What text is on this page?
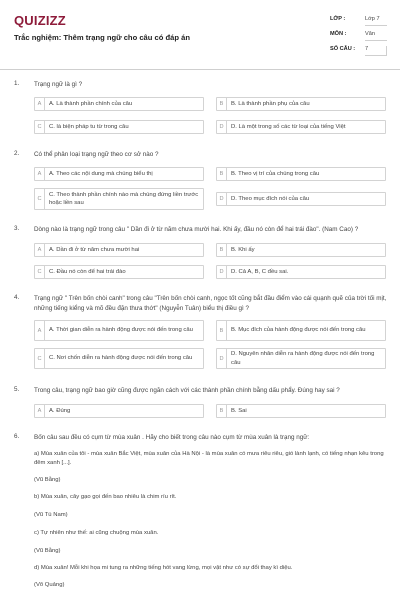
QUIZIZZ
Trắc nghiệm: Thêm trạng ngữ cho câu có đáp án
LỚP :	Lớp 7
MÔN :	Văn
SỐ CÂU : 7
1. Trạng ngữ là gì ?
A	A. Là thành phần chính của câu	B	B. Là thành phần phụ của câu
C	C. là biện pháp tu từ trong câu	D	D. Là một trong số các từ loại của tiếng Việt
2. Có thể phân loại trạng ngữ theo cơ sở nào ?
A	A. Theo các nội dung mà chúng biểu thị	B	B. Theo vị trí của chúng trong câu
C
C. Theo thành phần chính nào mà chúng đứng liền trước hoặc liền sau
D	D. Theo mục đích nói của câu
3. Dòng nào là trạng ngữ trong câu " Dần đi ở từ năm chưa mười hai. Khi ấy, đầu nó còn để hai trái đào". (Nam Cao) ?
A	A. Dần đi ở từ năm chưa mười hai	B	B. Khi ấy
C	C. Đầu nó còn để hai trái đào	D	D. Cả A, B, C đều sai.
4. Trạng ngữ " Trên bốn chòi canh" trong câu "Trên bốn chòi canh, ngọc tốt cũng bắt đầu điểm vào cái quạnh quẽ của trời tối mịt, những tiếng kiểng và mõ đều đặn thưa thớt" (Nguyễn Tuân) biểu thị điều gì ?
A	A. Thời gian diễn ra hành động được nói đến trong câu	B	B. Mục đích của hành động được nói đến trong câu
C	C. Nơi chốn diễn ra hành động được nói đến trong câu	D
D. Nguyên nhân diễn ra hành động được nói đến trong câu
5. Trong câu, trạng ngữ bao giờ cũng được ngăn cách với các thành phần chính bằng dấu phẩy. Đúng hay sai ?
A	A. Đúng	B	B. Sai
6. Bốn câu sau đều có cụm từ mùa xuân . Hãy cho biết trong câu nào cụm từ mùa xuân là trạng ngữ:
a) Mùa xuân của tôi - mùa xuân Bắc Việt, mùa xuân của Hà Nội - là mùa xuân có mưa riêu riêu, gió lành lạnh, có tiếng nhạn kêu trong đêm xanh [...].
(Vũ Bằng)
b) Mùa xuân, cây gạo gọi đến bao nhiêu là chim ríu rít.
(Vũ Tú Nam)
c) Tự nhiên như thế: ai cũng chuộng mùa xuân.
(Vũ Bằng)
d) Mùa xuân! Mỗi khi họa mi tung ra những tiếng hót vang lừng, mọi vật như có sự đổi thay kì diệu.
(Võ Quảng)
